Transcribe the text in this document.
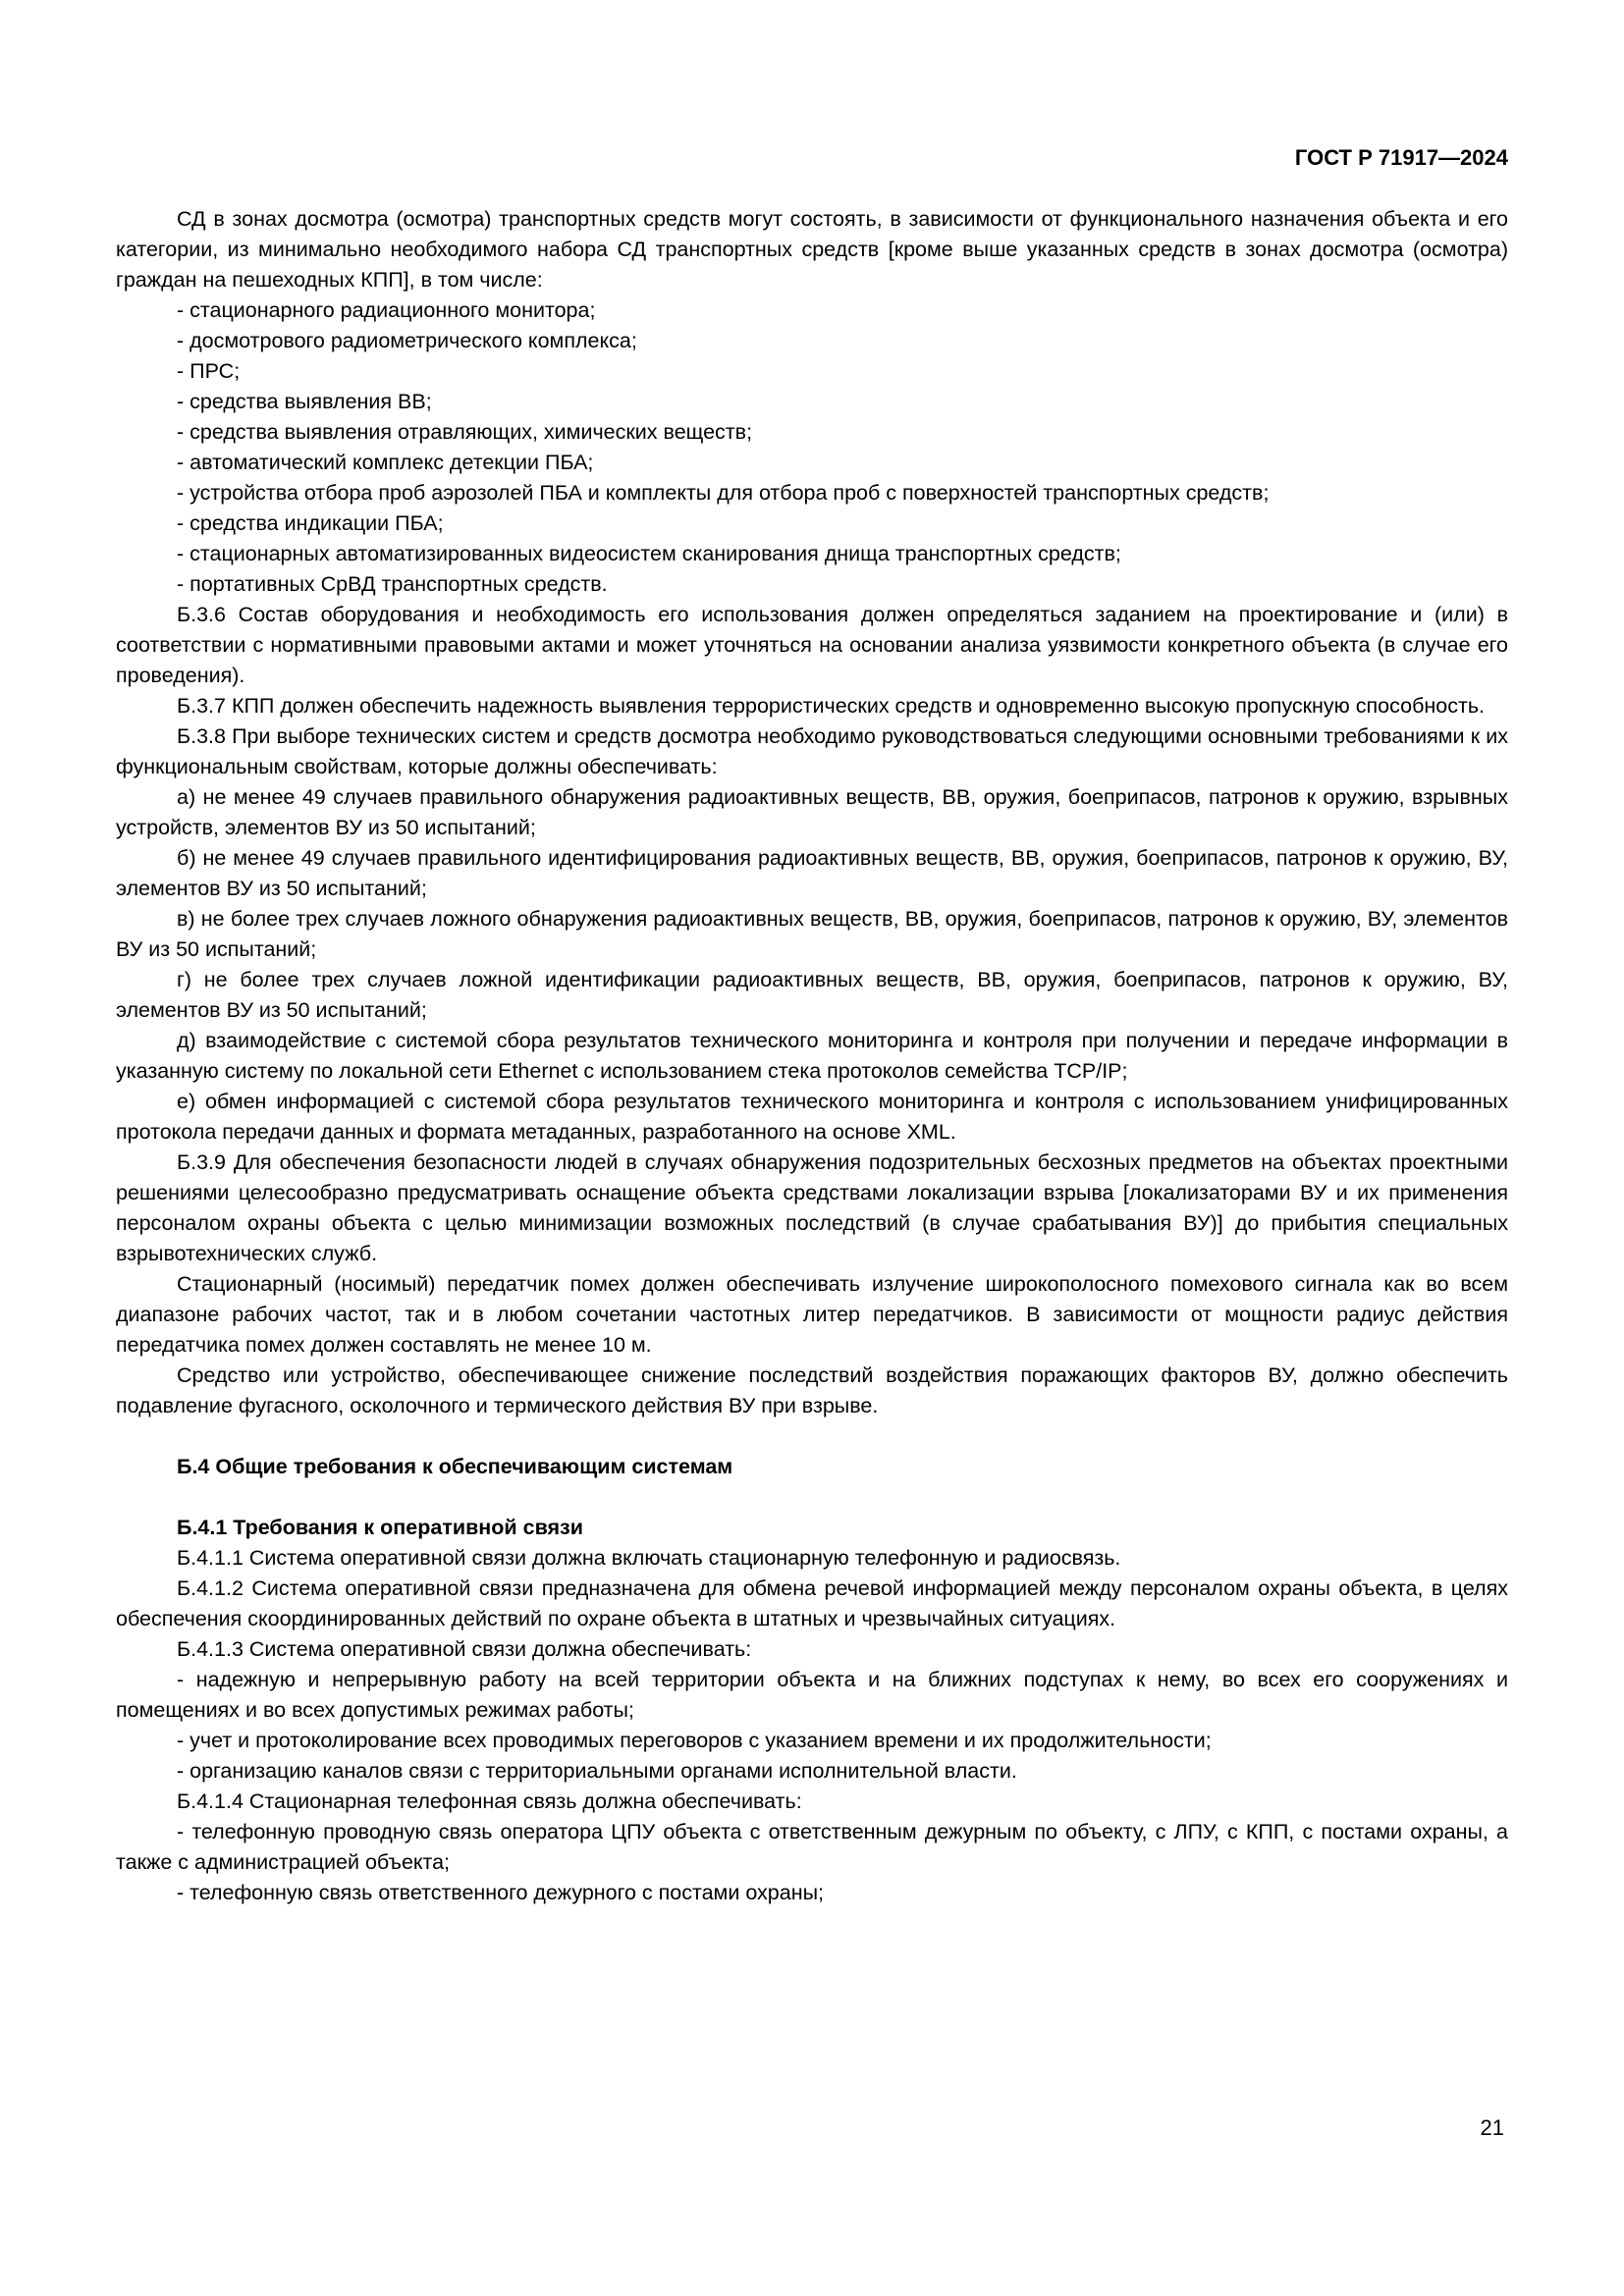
ГОСТ Р 71917—2024
СД в зонах досмотра (осмотра) транспортных средств могут состоять, в зависимости от функционального назначения объекта и его категории, из минимально необходимого набора СД транспортных средств [кроме выше указанных средств в зонах досмотра (осмотра) граждан на пешеходных КПП], в том числе:
- стационарного радиационного монитора;
- досмотрового радиометрического комплекса;
- ПРС;
- средства выявления ВВ;
- средства выявления отравляющих, химических веществ;
- автоматический комплекс детекции ПБА;
- устройства отбора проб аэрозолей ПБА и комплекты для отбора проб с поверхностей транспортных средств;
- средства индикации ПБА;
- стационарных автоматизированных видеосистем сканирования днища транспортных средств;
- портативных СрВД транспортных средств.
Б.3.6 Состав оборудования и необходимость его использования должен определяться заданием на проектирование и (или) в соответствии с нормативными правовыми актами и может уточняться на основании анализа уязвимости конкретного объекта (в случае его проведения).
Б.3.7 КПП должен обеспечить надежность выявления террористических средств и одновременно высокую пропускную способность.
Б.3.8 При выборе технических систем и средств досмотра необходимо руководствоваться следующими основными требованиями к их функциональным свойствам, которые должны обеспечивать:
а) не менее 49 случаев правильного обнаружения радиоактивных веществ, ВВ, оружия, боеприпасов, патронов к оружию, взрывных устройств, элементов ВУ из 50 испытаний;
б) не менее 49 случаев правильного идентифицирования радиоактивных веществ, ВВ, оружия, боеприпасов, патронов к оружию, ВУ, элементов ВУ из 50 испытаний;
в) не более трех случаев ложного обнаружения радиоактивных веществ, ВВ, оружия, боеприпасов, патронов к оружию, ВУ, элементов ВУ из 50 испытаний;
г) не более трех случаев ложной идентификации радиоактивных веществ, ВВ, оружия, боеприпасов, патронов к оружию, ВУ, элементов ВУ из 50 испытаний;
д) взаимодействие с системой сбора результатов технического мониторинга и контроля при получении и передаче информации в указанную систему по локальной сети Ethernet с использованием стека протоколов семейства TCP/IP;
е) обмен информацией с системой сбора результатов технического мониторинга и контроля с использованием унифицированных протокола передачи данных и формата метаданных, разработанного на основе XML.
Б.3.9 Для обеспечения безопасности людей в случаях обнаружения подозрительных бесхозных предметов на объектах проектными решениями целесообразно предусматривать оснащение объекта средствами локализации взрыва [локализаторами ВУ и их применения персоналом охраны объекта с целью минимизации возможных последствий (в случае срабатывания ВУ)] до прибытия специальных взрывотехнических служб.
Стационарный (носимый) передатчик помех должен обеспечивать излучение широкополосного помехового сигнала как во всем диапазоне рабочих частот, так и в любом сочетании частотных литер передатчиков. В зависимости от мощности радиус действия передатчика помех должен составлять не менее 10 м.
Средство или устройство, обеспечивающее снижение последствий воздействия поражающих факторов ВУ, должно обеспечить подавление фугасного, осколочного и термического действия ВУ при взрыве.
Б.4 Общие требования к обеспечивающим системам
Б.4.1 Требования к оперативной связи
Б.4.1.1 Система оперативной связи должна включать стационарную телефонную и радиосвязь.
Б.4.1.2 Система оперативной связи предназначена для обмена речевой информацией между персоналом охраны объекта, в целях обеспечения скоординированных действий по охране объекта в штатных и чрезвычайных ситуациях.
Б.4.1.3 Система оперативной связи должна обеспечивать:
- надежную и непрерывную работу на всей территории объекта и на ближних подступах к нему, во всех его сооружениях и помещениях и во всех допустимых режимах работы;
- учет и протоколирование всех проводимых переговоров с указанием времени и их продолжительности;
- организацию каналов связи с территориальными органами исполнительной власти.
Б.4.1.4 Стационарная телефонная связь должна обеспечивать:
- телефонную проводную связь оператора ЦПУ объекта с ответственным дежурным по объекту, с ЛПУ, с КПП, с постами охраны, а также с администрацией объекта;
- телефонную связь ответственного дежурного с постами охраны;
21
